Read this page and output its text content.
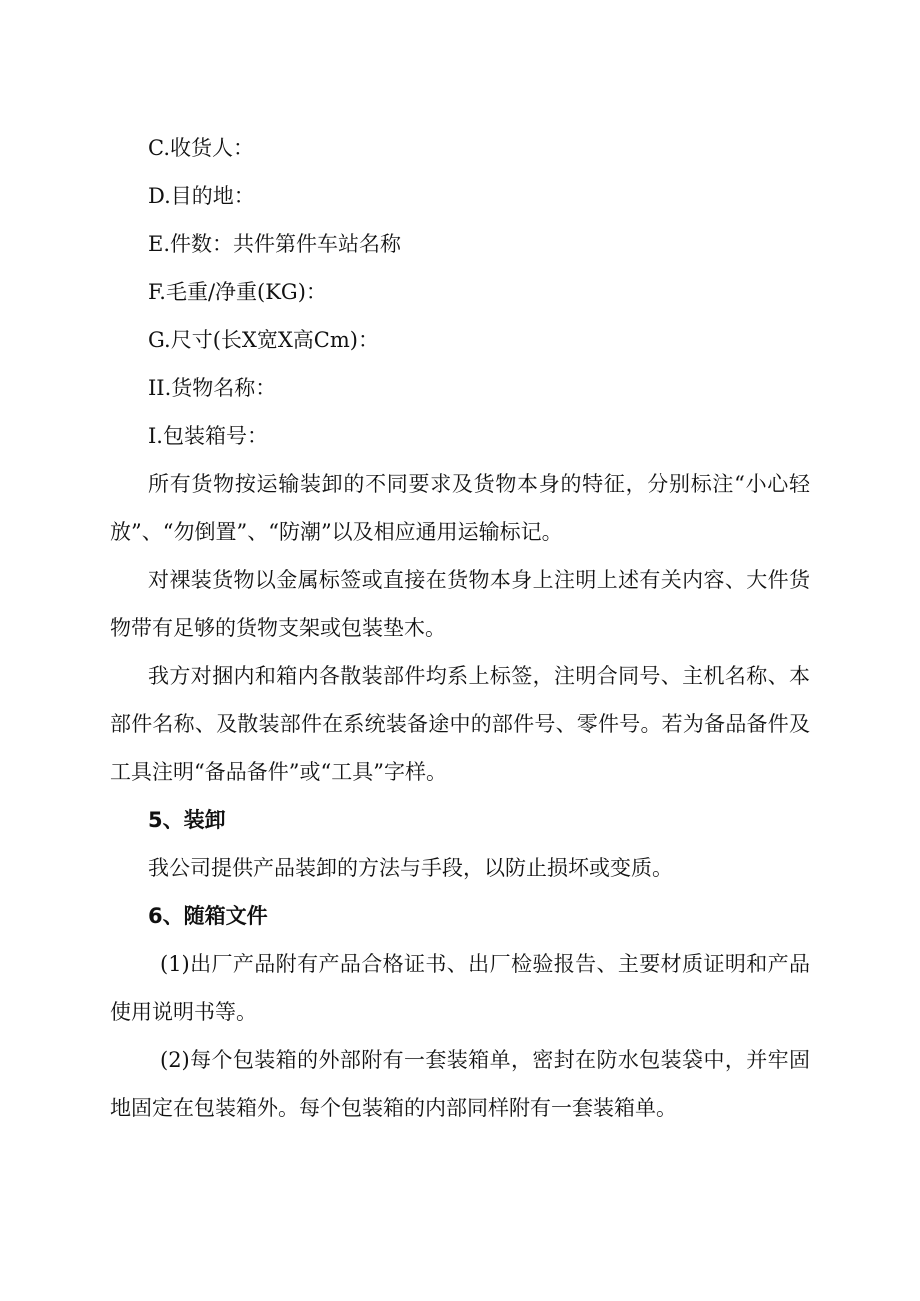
C.收货人：

D.目的地：

E.件数：共件第件车站名称

F.毛重/净重(KG)：

G.尺寸(长X宽X高Cm)：

II.货物名称：

I.包装箱号：

所有货物按运输装卸的不同要求及货物本身的特征，分别标注“小心轻放”、“勿倒置”、“防潮”以及相应通用运输标记。

对裸装货物以金属标签或直接在货物本身上注明上述有关内容、大件货物带有足够的货物支架或包装垫木。

我方对捆内和箱内各散装部件均系上标签，注明合同号、主机名称、本部件名称、及散装部件在系统装备途中的部件号、零件号。若为备品备件及工具注明“备品备件”或“工具”字样。

5、装卸

我公司提供产品装卸的方法与手段，以防止损坏或变质。

6、随箱文件

(1)出厂产品附有产品合格证书、出厂检验报告、主要材质证明和产品使用说明书等。

(2)每个包装箱的外部附有一套装箱单，密封在防水包装袋中，并牢固地固定在包装箱外。每个包装箱的内部同样附有一套装箱单。
